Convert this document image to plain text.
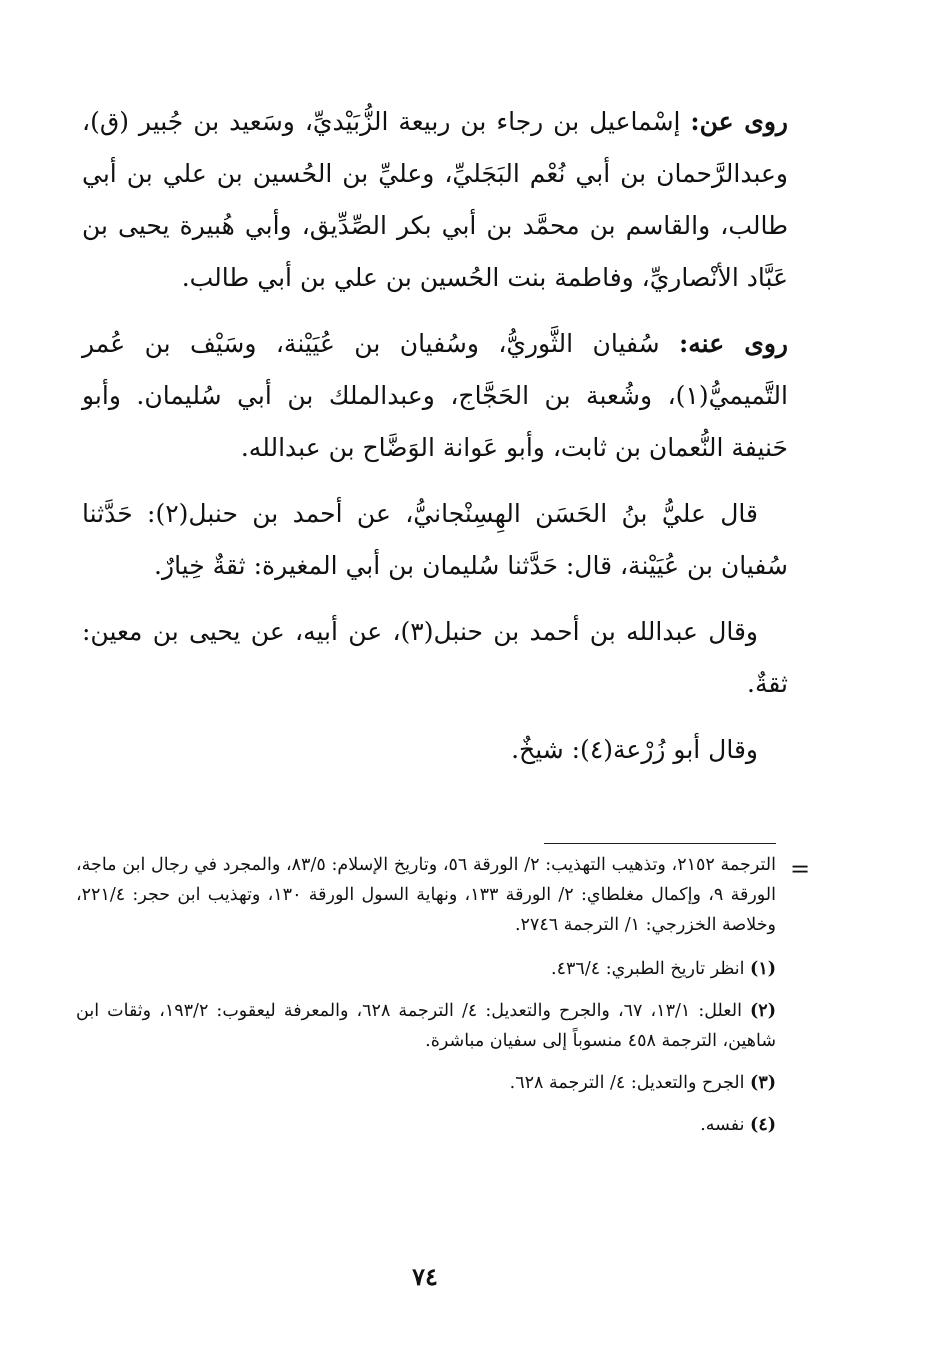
روى عن: إسْماعيل بن رجاء بن ربيعة الزُّبَيْديِّ، وسَعيد بن جُبير (ق)، وعبدالرَّحمان بن أبي نُعْم البَجَليِّ، وعليِّ بن الحُسين بن علي بن أبي طالب، والقاسم بن محمَّد بن أبي بكر الصِّدِّيق، وأبي هُبيرة يحيى بن عَبَّاد الأنْصاريِّ، وفاطمة بنت الحُسين بن علي بن أبي طالب.

روى عنه: سُفيان الثَّوريُّ، وسُفيان بن عُيَيْنة، وسَيْف بن عُمر التَّميميُّ(١)، وشُعبة بن الحَجَّاج، وعبدالملك بن أبي سُليمان. وأبو حَنيفة النُّعمان بن ثابت، وأبو عَوانة الوَضَّاح بن عبدالله.

قال عليُّ بنُ الحَسَن الهِسِنْجانيُّ، عن أحمد بن حنبل(٢): حَدَّثنا سُفيان بن عُيَيْنة، قال: حَدَّثنا سُليمان بن أبي المغيرة: ثقةٌ خِيارٌ.

وقال عبدالله بن أحمد بن حنبل(٣)، عن أبيه، عن يحيى بن معين: ثقةٌ.

وقال أبو زُرْعة(٤): شيخٌ.

=

الترجمة ٢١٥٢، وتذهيب التهذيب: ٢/ الورقة ٥٦، وتاريخ الإسلام: ٨٣/٥، والمجرد في رجال ابن ماجة، الورقة ٩، وإكمال مغلطاي: ٢/ الورقة ١٣٣، ونهاية السول الورقة ١٣٠، وتهذيب ابن حجر: ٢٢١/٤، وخلاصة الخزرجي: ١/ الترجمة ٢٧٤٦.

(١) انظر تاريخ الطبري: ٤٣٦/٤.

(٢) العلل: ١٣/١، ٦٧، والجرح والتعديل: ٤/ الترجمة ٦٢٨، والمعرفة ليعقوب: ١٩٣/٢، وثقات ابن شاهين، الترجمة ٤٥٨ منسوباً إلى سفيان مباشرة.

(٣) الجرح والتعديل: ٤/ الترجمة ٦٢٨.

(٤) نفسه.

٧٤
